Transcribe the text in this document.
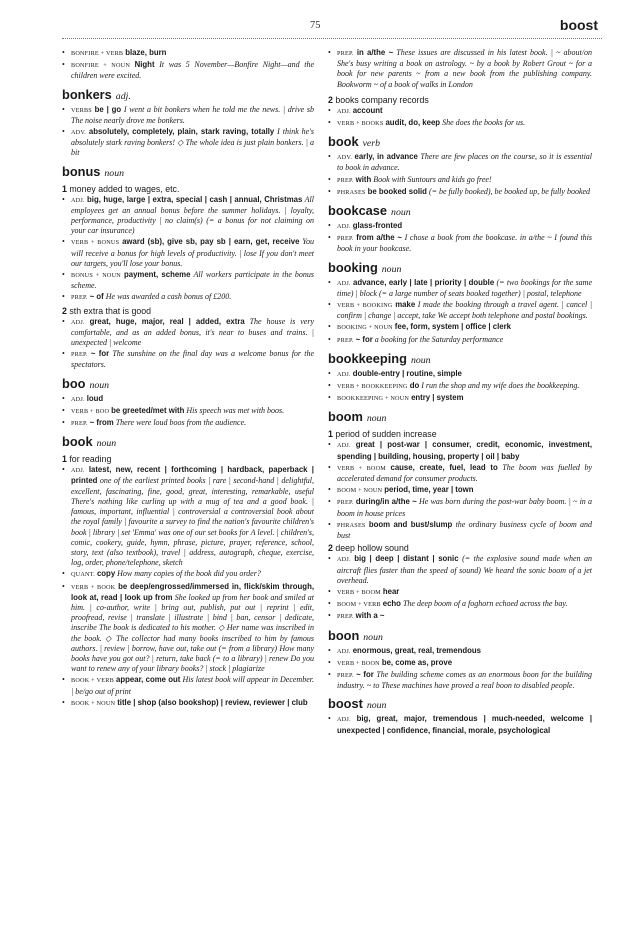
75	boost
• BONFIRE + VERB blaze, burn
• BONFIRE + NOUN Night It was 5 November—Bonfire Night—and the children were excited.
bonkers adj.
• VERBS be | go I went a bit bonkers when he told me the news. | drive sb The noise nearly drove me bonkers.
• ADV. absolutely, completely, plain, stark raving, totally I think he's absolutely stark raving bonkers! ◇ The whole idea is just plain bonkers. | a bit
bonus noun
1 money added to wages, etc.
• ADJ. big, huge, large | extra, special | cash | annual, Christmas All employees get an annual bonus before the summer holidays. | loyalty, performance, productivity | no claim(s) (= a bonus for not claiming on your car insurance)
• VERB + BONUS award (sb), give sb, pay sb | earn, get, receive You will receive a bonus for high levels of productivity. | lose If you don't meet our targets, you'll lose your bonus.
• BONUS + NOUN payment, scheme All workers participate in the bonus scheme.
• PREP. ~ of He was awarded a cash bonus of £200.
2 sth extra that is good
• ADJ. great, huge, major, real | added, extra The house is very comfortable, and as an added bonus, it's near to buses and trains. | unexpected | welcome
• PREP. ~ for The sunshine on the final day was a welcome bonus for the spectators.
boo noun
• ADJ. loud
• VERB + BOO be greeted/met with His speech was met with boos.
• PREP. ~ from There were loud boos from the audience.
book noun
1 for reading
• ADJ. latest, new, recent | forthcoming | hardback, paperback | printed one of the earliest printed books | rare | second-hand | delightful, excellent, fascinating, fine, good, great, interesting, remarkable, useful There's nothing like curling up with a mug of tea and a good book. | famous, important, influential | controversial a controversial book about the royal family | favourite a survey to find the nation's favourite children's book | library | set 'Emma' was one of our set books for A level. | children's, comic, cookery, guide, hymn, phrase, picture, prayer, reference, school, story, text (also textbook), travel | address, autograph, cheque, exercise, log, order, phone/telephone, sketch
• QUANT. copy How many copies of the book did you order?
• VERB + BOOK be deep/engrossed/immersed in, flick/skim through, look at, read | look up from She looked up from her book and smiled at him. | co-author, write | bring out, publish, put out | reprint | edit, proofread, revise | translate | illustrate | bind | ban, censor | dedicate, inscribe The book is dedicated to his mother. ◇ Her name was inscribed in the book. ◇ The collector had many books inscribed to him by famous authors. | review | borrow, have out, take out (= from a library) How many books have you got out? | return, take back (= to a library) | renew Do you want to renew any of your library books? | stock | plagiarize
• BOOK + VERB appear, come out His latest book will appear in December. | be/go out of print
• BOOK + NOUN title | shop (also bookshop) | review, reviewer | club
• PREP. in a/the ~ These issues are discussed in his latest book. | ~ about/on She's busy writing a book on astrology. ~ by a book by Robert Grout ~ for a book for new parents ~ from a new book from the publishing company. Bookworm ~ of a book of walks in London
2 books company records
• ADJ. account
• VERB + BOOKS audit, do, keep She does the books for us.
book verb
• ADV. early, in advance There are few places on the course, so it is essential to book in advance.
• PREP. with Book with Suntours and kids go free!
• PHRASES be booked solid (= be fully booked), be booked up, be fully booked
bookcase noun
• ADJ. glass-fronted
• PREP. from a/the ~ I chose a book from the bookcase. in a/the ~ I found this book in your bookcase.
booking noun
• ADJ. advance, early | late | priority | double (= two bookings for the same time) | block (= a large number of seats booked together) | postal, telephone
• VERB + BOOKING make I made the booking through a travel agent. | cancel | confirm | change | accept, take We accept both telephone and postal bookings.
• BOOKING + NOUN fee, form, system | office | clerk
• PREP. ~ for a booking for the Saturday performance
bookkeeping noun
• ADJ. double-entry | routine, simple
• VERB + BOOKKEEPING do I run the shop and my wife does the bookkeeping.
• BOOKKEEPING + NOUN entry | system
boom noun
1 period of sudden increase
• ADJ. great | post-war | consumer, credit, economic, investment, spending | building, housing, property | oil | baby
• VERB + BOOM cause, create, fuel, lead to The boom was fuelled by accelerated demand for consumer products.
• BOOM + NOUN period, time, year | town
• PREP. during/in a/the ~ He was born during the post-war baby boom. | ~ in a boom in house prices
• PHRASES boom and bust/slump the ordinary business cycle of boom and bust
2 deep hollow sound
• ADJ. big | deep | distant | sonic (= the explosive sound made when an aircraft flies faster than the speed of sound) We heard the sonic boom of a jet overhead.
• VERB + BOOM hear
• BOOM + VERB echo The deep boom of a foghorn echoed across the bay.
• PREP. with a ~
boon noun
• ADJ. enormous, great, real, tremendous
• VERB + BOON be, come as, prove
• PREP. ~ for The building scheme comes as an enormous boon for the building industry. ~ to These machines have proved a real boon to disabled people.
boost noun
• ADJ. big, great, major, tremendous | much-needed, welcome | unexpected | confidence, financial, morale, psychological
